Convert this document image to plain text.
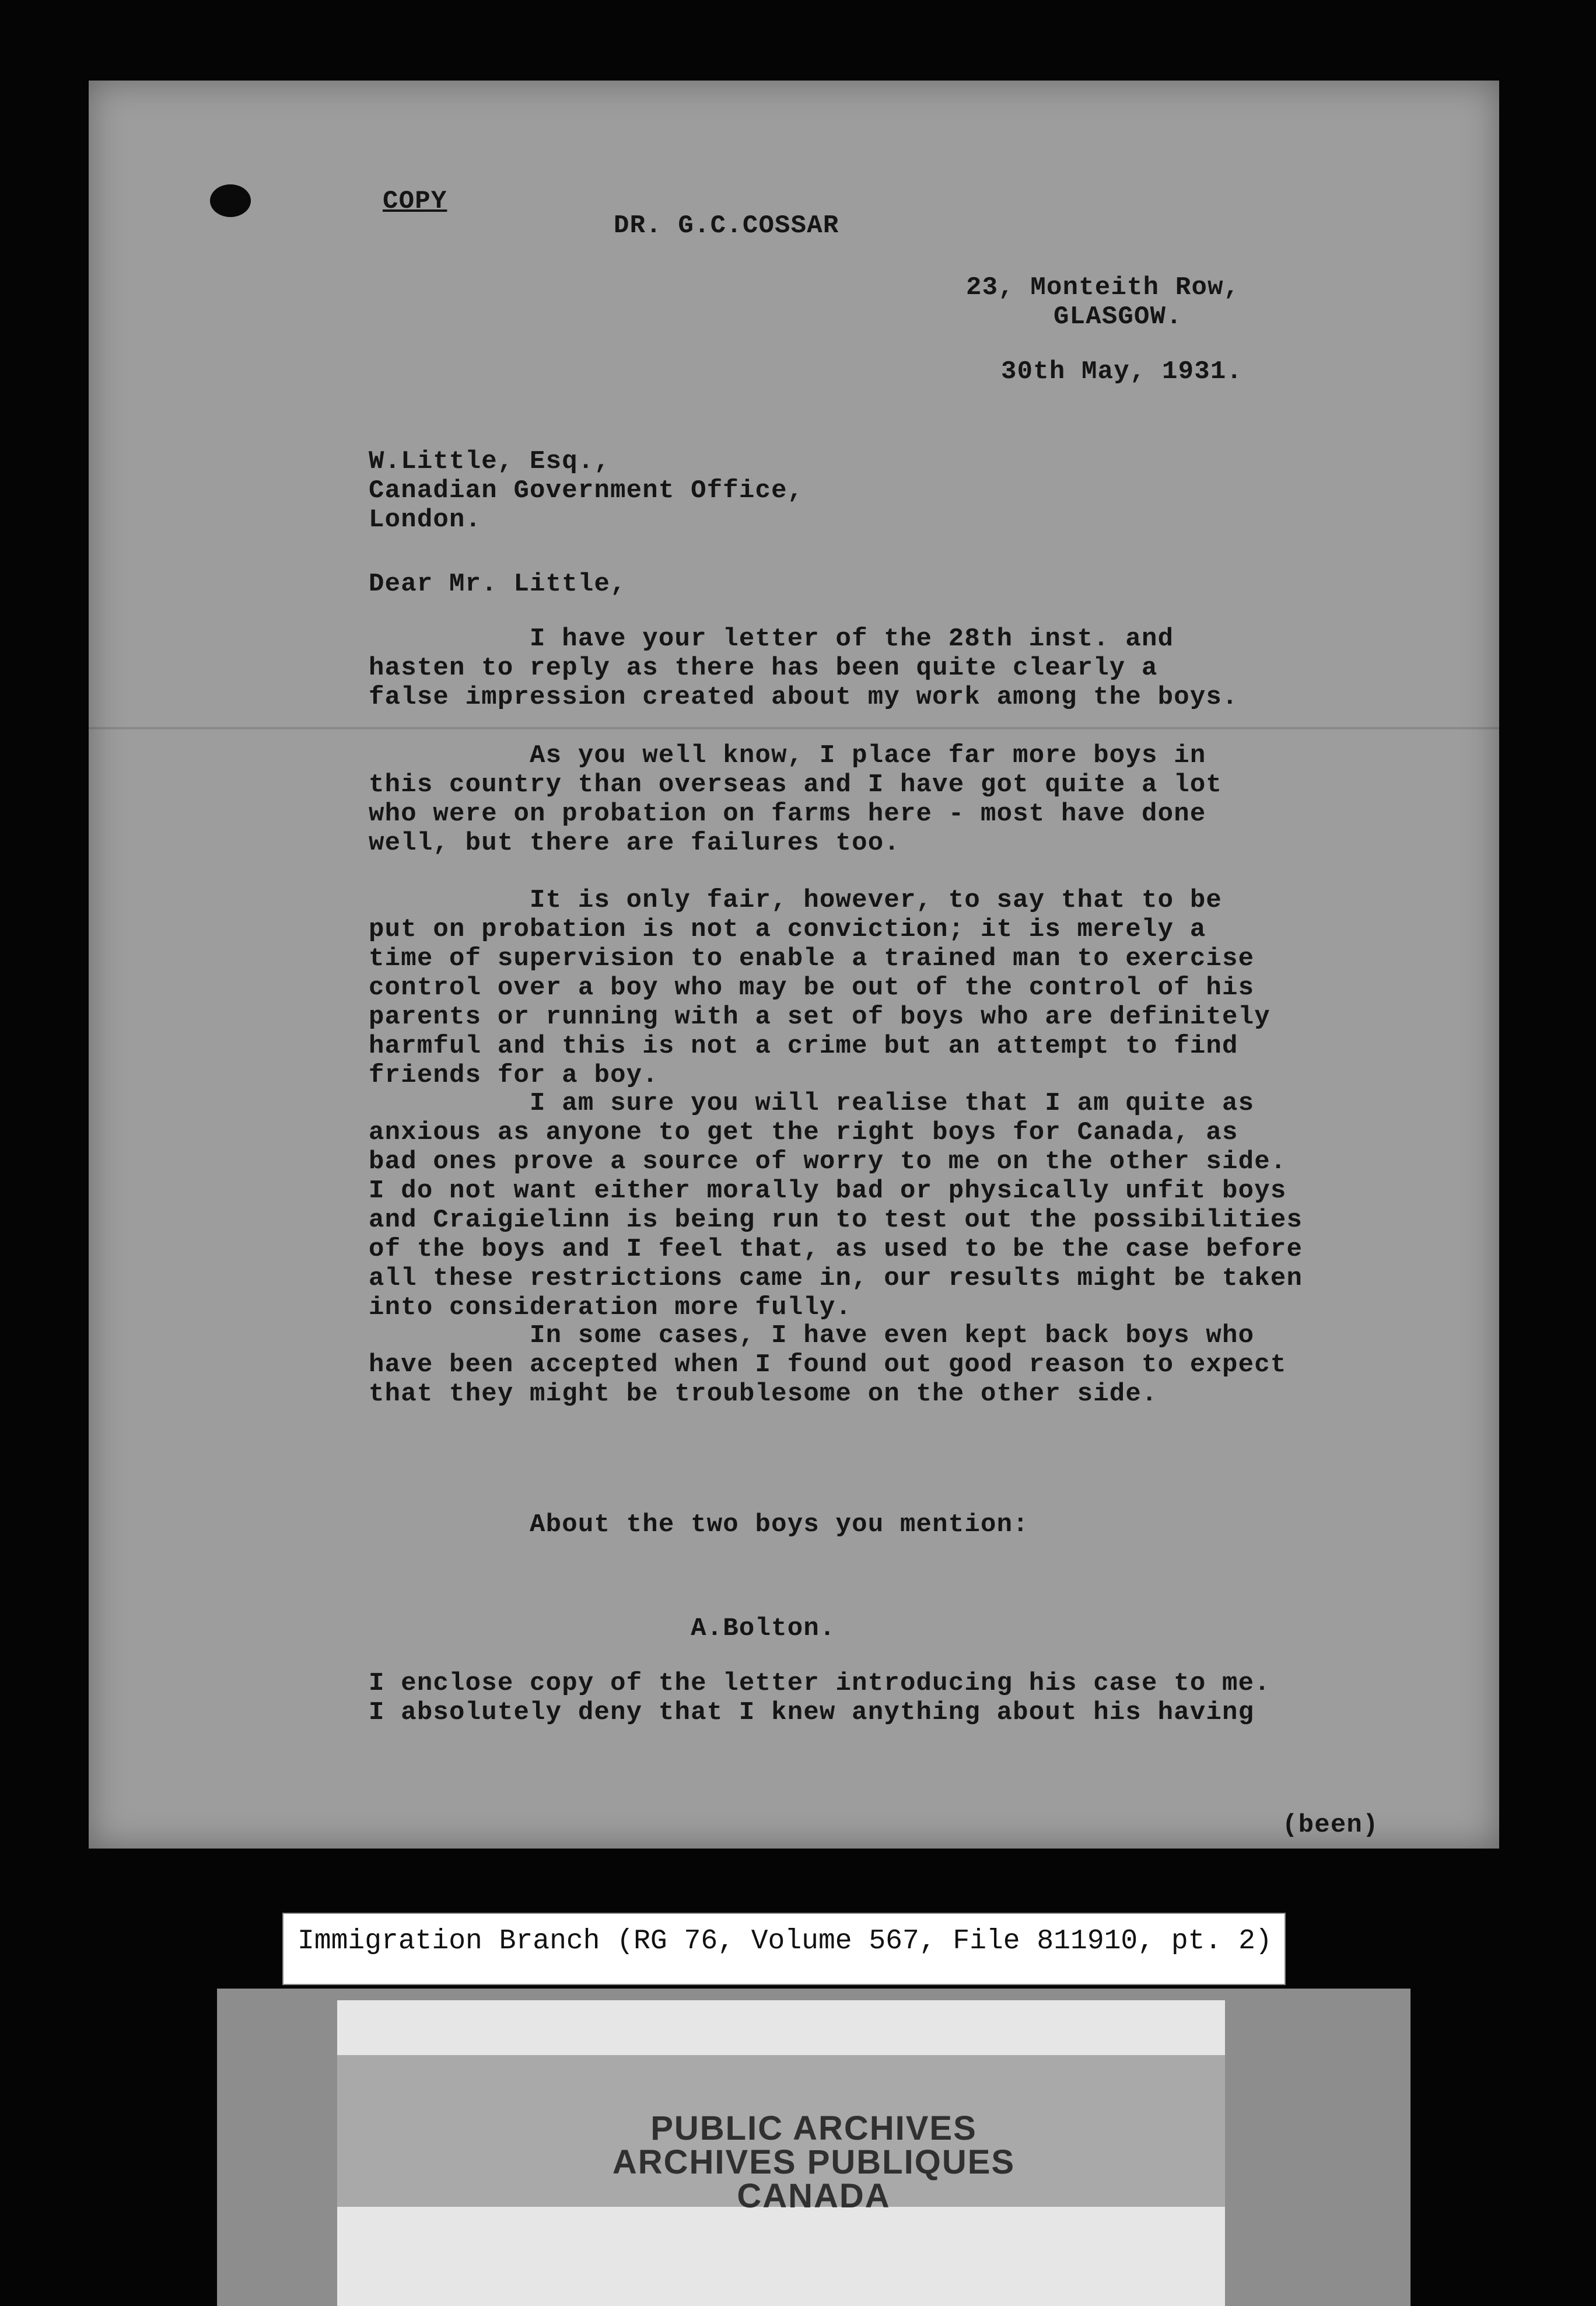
COPY

DR. G.C.COSSAR

23, Monteith Row,

GLASGOW.

30th May, 1931.

W.Little, Esq.,
Canadian Government Office,
London.

Dear Mr. Little,

I have your letter of the 28th inst. and
hasten to reply as there has been quite clearly a
false impression created about my work among the boys.

As you well know, I place far more boys in
this country than overseas and I have got quite a lot
who were on probation on farms here - most have done
well, but there are failures too.

It is only fair, however, to say that to be
put on probation is not a conviction; it is merely a
time of supervision to enable a trained man to exercise
control over a boy who may be out of the control of his
parents or running with a set of boys who are definitely
harmful and this is not a crime but an attempt to find
friends for a boy.

I am sure you will realise that I am quite as
anxious as anyone to get the right boys for Canada, as
bad ones prove a source of worry to me on the other side.
I do not want either morally bad or physically unfit boys
and Craigielinn is being run to test out the possibilities
of the boys and I feel that, as used to be the case before
all these restrictions came in, our results might be taken
into consideration more fully.

In some cases, I have even kept back boys who
have been accepted when I found out good reason to expect
that they might be troublesome on the other side.

About the two boys you mention:

A.Bolton.

I enclose copy of the letter introducing his case to me.
I absolutely deny that I knew anything about his having

(been)

Immigration Branch (RG 76, Volume 567, File 811910, pt. 2)

PUBLIC ARCHIVES

ARCHIVES PUBLIQUES

CANADA
